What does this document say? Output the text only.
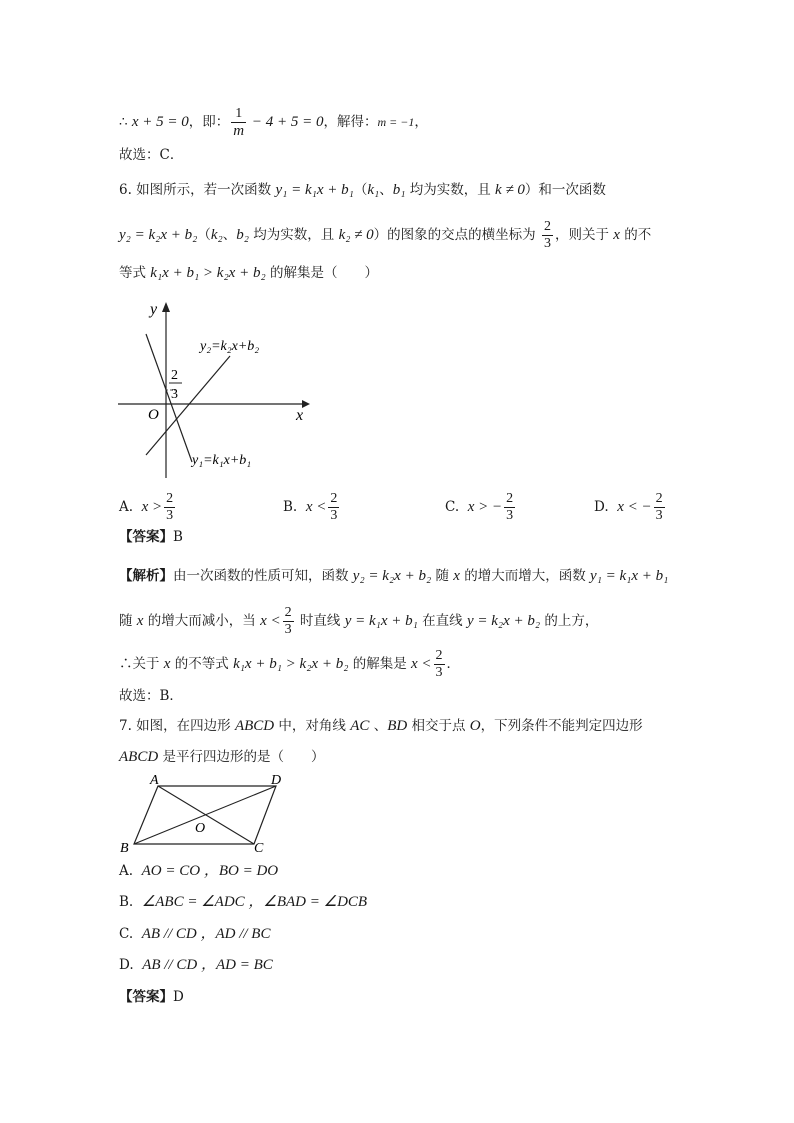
∴ x + 5 = 0，即： $\frac{1}{m} - 4 + 5 = 0$，解得：m = −1，
故选：C．
6. 如图所示，若一次函数 y₁ = k₁x + b₁（k₁、b₁ 均为实数，且 k ≠ 0）和一次函数
y₂ = k₂x + b₂（k₂、b₂ 均为实数，且 k₂ ≠ 0）的图象的交点的横坐标为 $\frac{2}{3}$ ，则关于 x 的不
等式 k₁x + b₁ > k₂x + b₂ 的解集是（　　）
y
x
O
y₂=k₂x+b₂
y₁=k₁x+b₁
2
3
A. $x > \frac{2}{3}$	B. $x < \frac{2}{3}$	C. x > − $\frac{2}{3}$	D. x < − $\frac{2}{3}$
【答案】B
【解析】由一次函数的性质可知，函数 y₂ = k₂x + b₂ 随 x 的增大而增大，函数 y₁ = k₁x + b₁
随 x 的增大而减小，当 $x < \frac{2}{3}$ 时直线 y = k₁x + b₁ 在直线 y = k₂x + b₂ 的上方，
∴关于 x 的不等式 k₁x + b₁ > k₂x + b₂ 的解集是 $x < \frac{2}{3}$ ．
故选：B．
7. 如图，在四边形 ABCD 中，对角线 AC 、BD 相交于点 O，下列条件不能判定四边形
ABCD 是平行四边形的是（　　）
A	D
B	C
O
A. AO = CO ，BO = DO
B. ∠ABC = ∠ADC ，∠BAD = ∠DCB
C. AB // CD ，AD // BC
D. AB // CD ，AD = BC
【答案】D
